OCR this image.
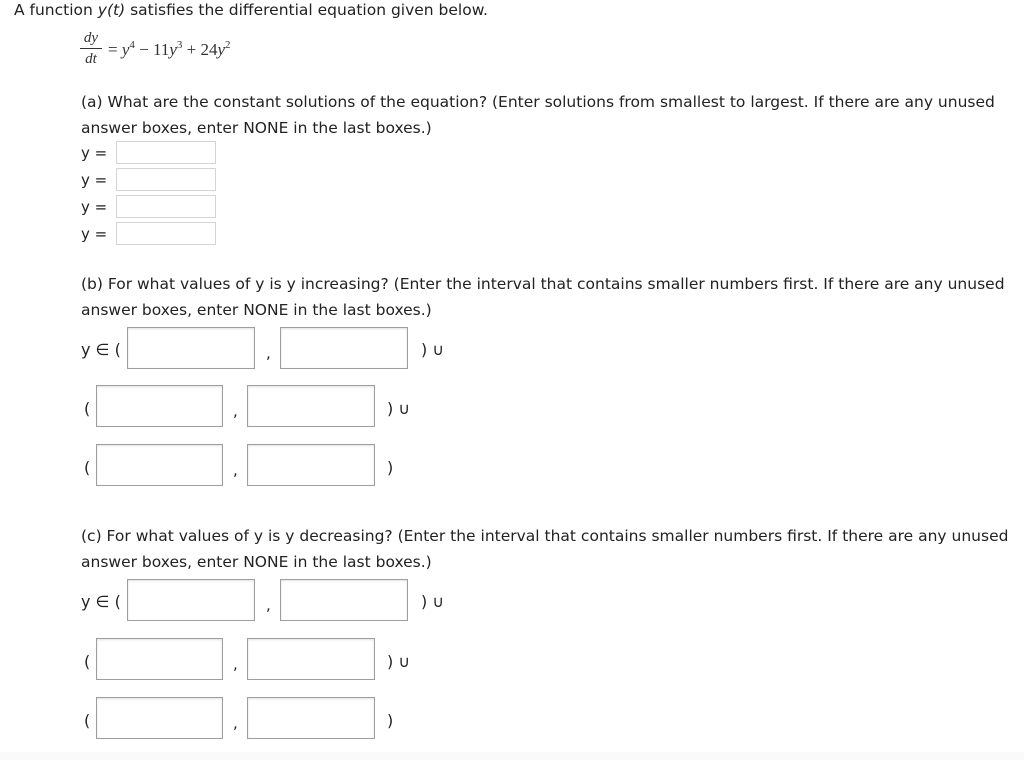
A function y(t) satisfies the differential equation given below.
dy
dt = $y^4 - 11y^3 + 24y^2$
(a) What are the constant solutions of the equation? (Enter solutions from smallest to largest. If there are any unused answer boxes, enter NONE in the last boxes.)
y =
y =
y =
y =
(b) For what values of y is y increasing? (Enter the interval that contains smaller numbers first. If there are any unused answer boxes, enter NONE in the last boxes.)
y ∈ (	,	) ∪
(	,	) ∪
(	,	)
(c) For what values of y is y decreasing? (Enter the interval that contains smaller numbers first. If there are any unused answer boxes, enter NONE in the last boxes.)
y ∈ (	,	) ∪
(	,	) ∪
(	,	)
